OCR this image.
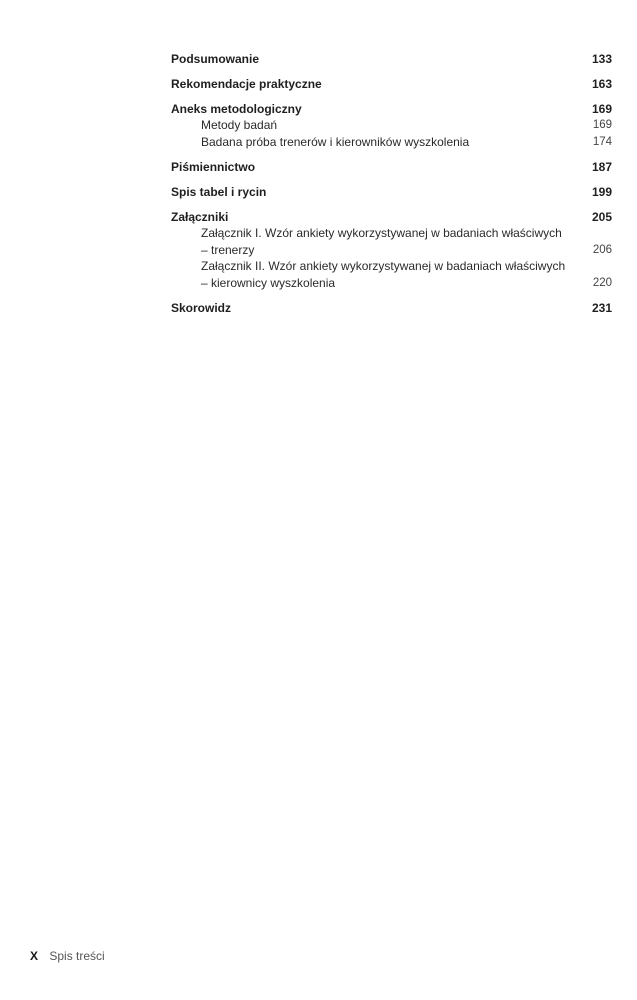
Podsumowanie	133
Rekomendacje praktyczne	163
Aneks metodologiczny	169
Metody badań	169
Badana próba trenerów i kierowników wyszkolenia	174
Piśmiennictwo	187
Spis tabel i rycin	199
Załączniki	205
Załącznik I. Wzór ankiety wykorzystywanej w badaniach właściwych
– trenerzy	206
Załącznik II. Wzór ankiety wykorzystywanej w badaniach właściwych
– kierownicy wyszkolenia	220
Skorowidz	231
X Spis treści
